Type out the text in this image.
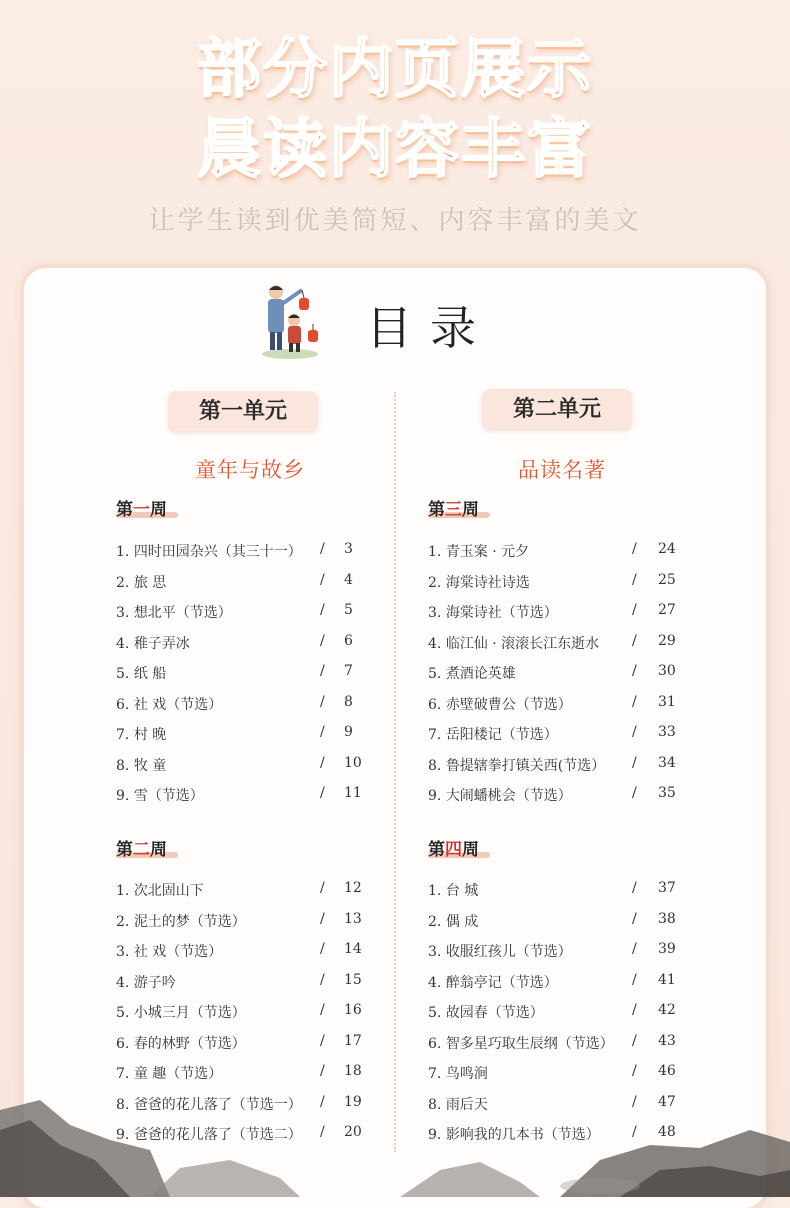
部分内页展示
晨读内容丰富
让学生读到优美简短、内容丰富的美文
目录
第一单元
童年与故乡
第一周
第二周
第二单元
品读名著
第三周
第四周
1. 四时田园杂兴（其三十一） / 3
2. 旅 思	/ 4
3. 想北平（节选）	/ 5
4. 稚子弄冰	/ 6
5. 纸 船	/ 7
6. 社 戏（节选）	/ 8
7. 村 晚	/ 9
8. 牧 童	/ 10
9. 雪（节选）	/ 11
1. 次北固山下	/ 12
2. 泥土的梦（节选）	/ 13
3. 社 戏（节选）	/ 14
4. 游子吟	/ 15
5. 小城三月（节选）	/ 16
6. 春的林野（节选）	/ 17
7. 童 趣（节选）	/ 18
8. 爸爸的花儿落了（节选一） / 19
9. 爸爸的花儿落了（节选二） / 20
1. 青玉案 · 元夕	/ 24
2. 海棠诗社诗选	/ 25
3. 海棠诗社（节选）	/ 27
4. 临江仙 · 滚滚长江东逝水 / 29
5. 煮酒论英雄	/ 30
6. 赤壁破曹公（节选）	/ 31
7. 岳阳楼记（节选）	/ 33
8. 鲁提辖拳打镇关西(节选） / 34
9. 大闹蟠桃会（节选）	/ 35
1. 台 城	/ 37
2. 偶 成	/ 38
3. 收服红孩儿（节选）	/ 39
4. 醉翁亭记（节选）	/ 41
5. 故园春（节选）	/ 42
6. 智多星巧取生辰纲（节选） / 43
7. 鸟鸣涧	/ 46
8. 雨后天	/ 47
9. 影响我的几本书（节选） / 48
